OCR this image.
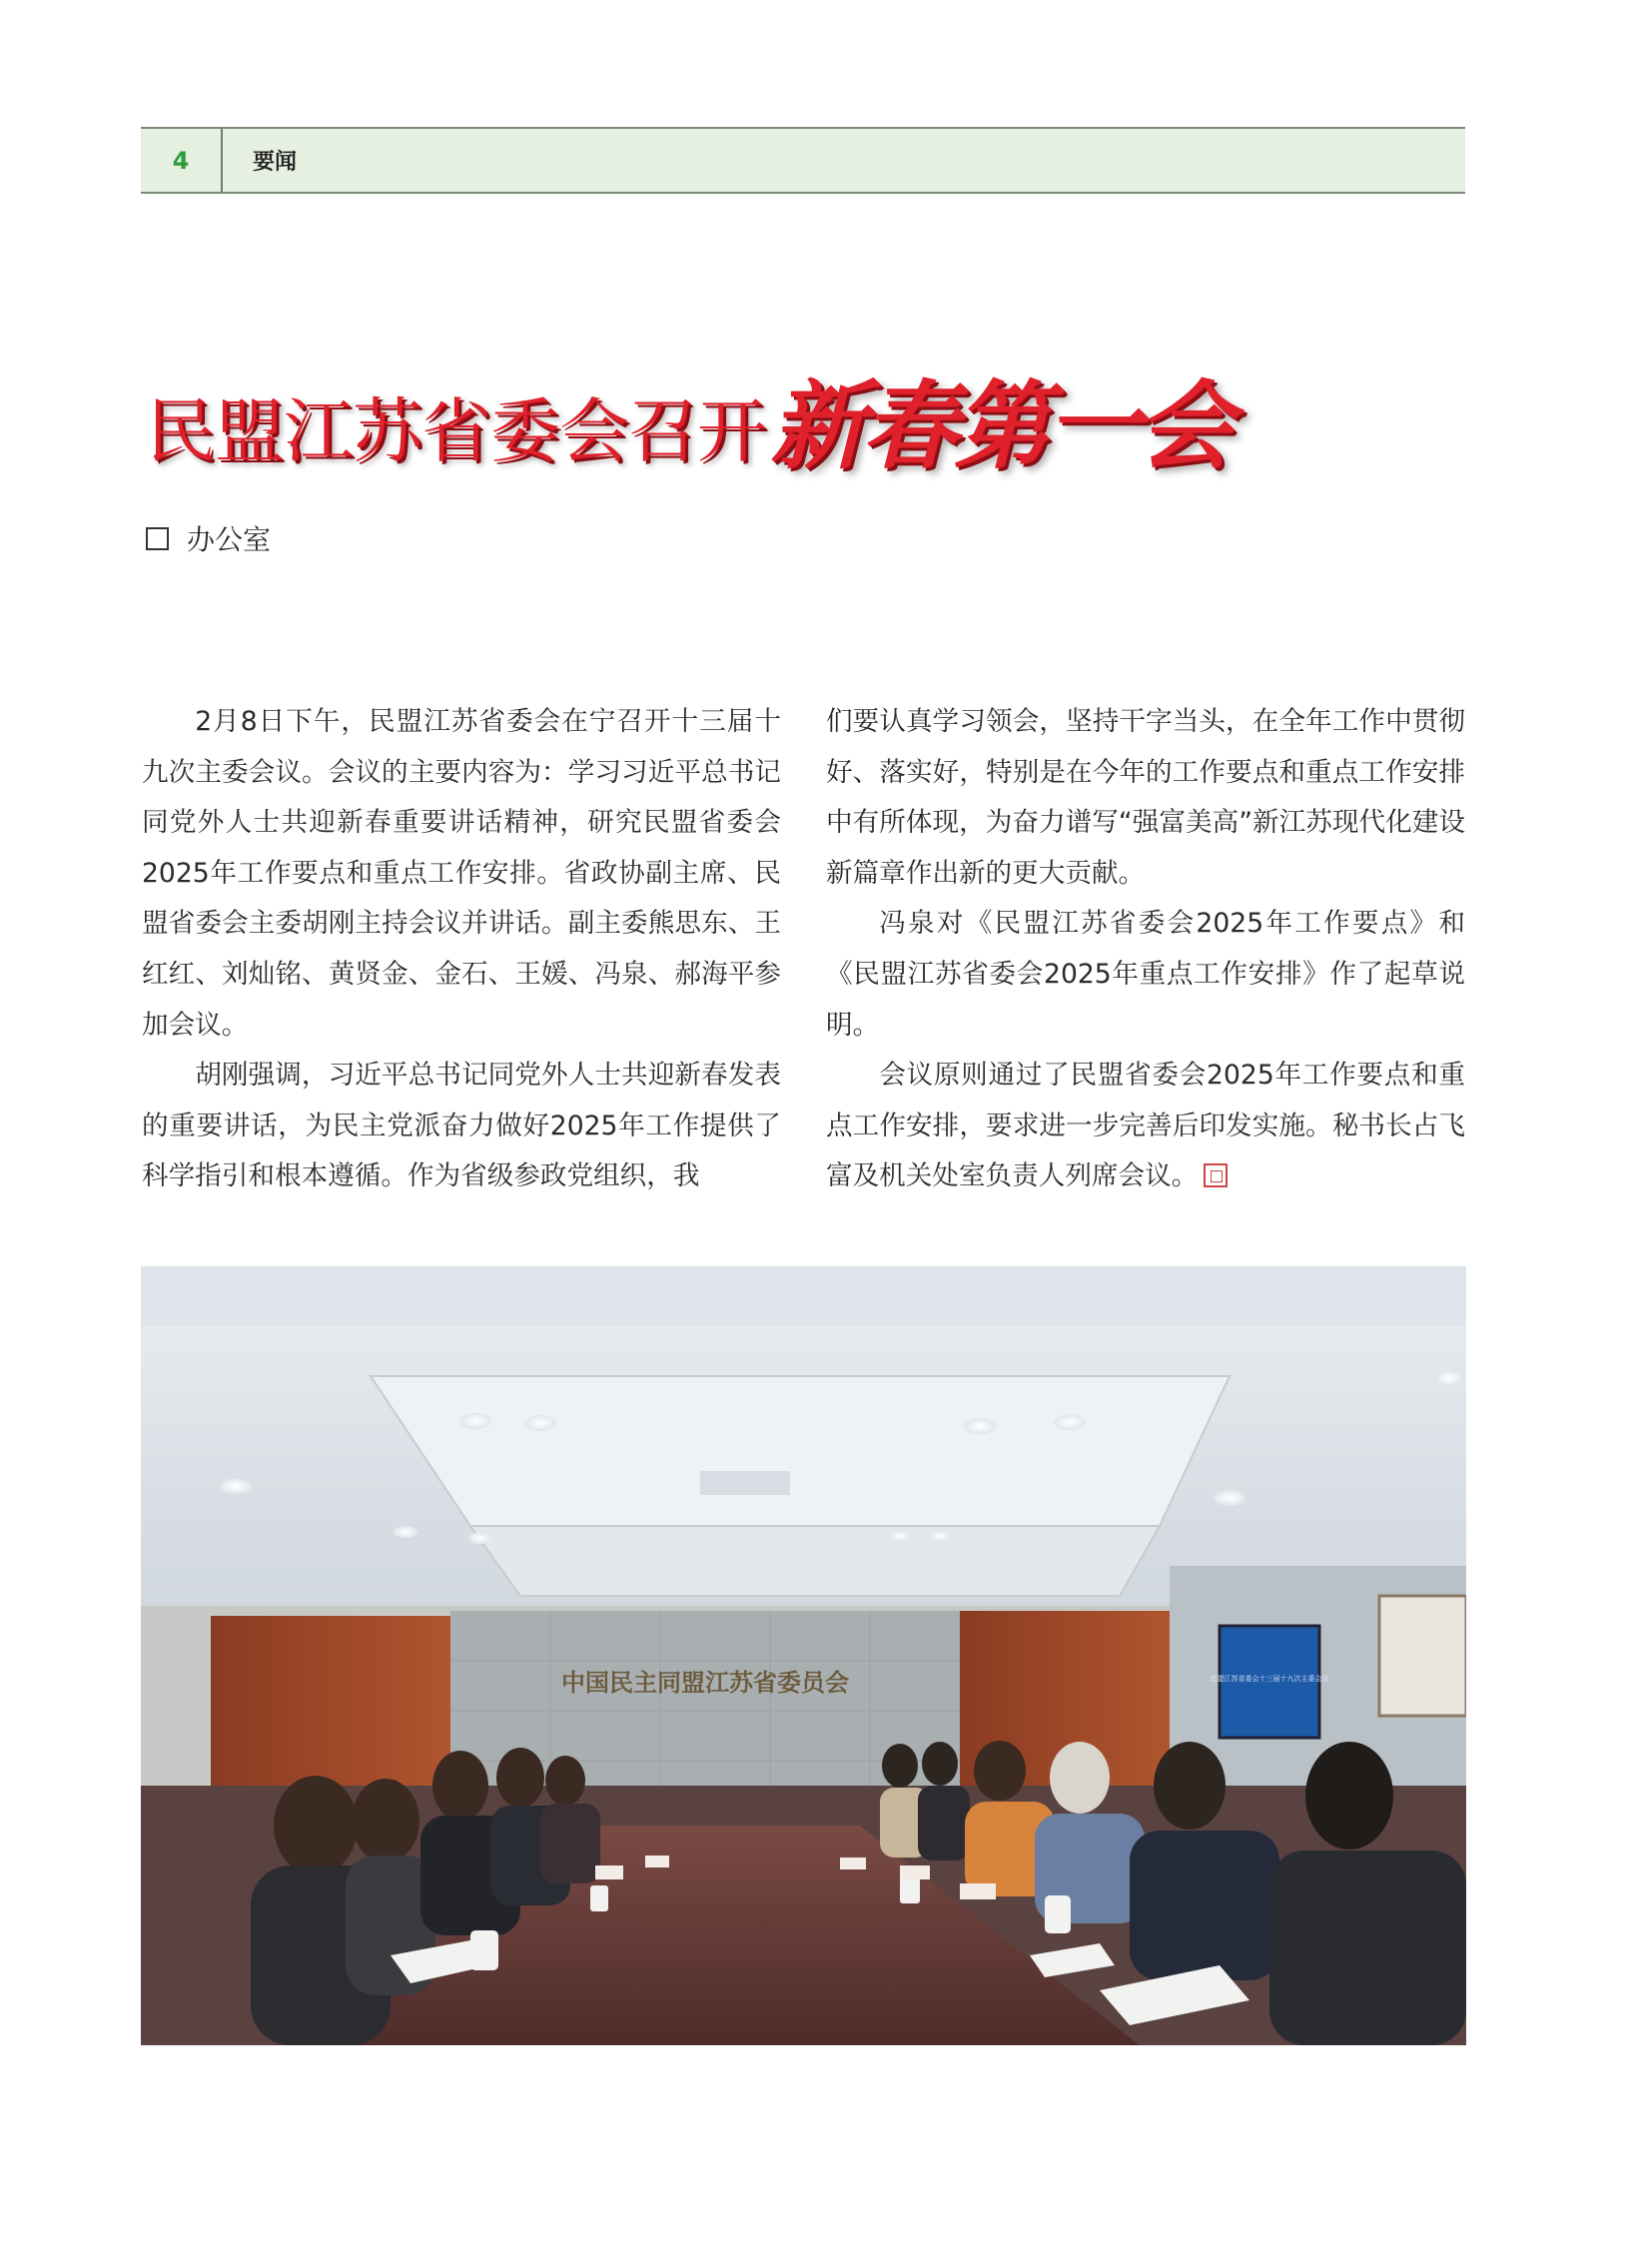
4	要闻
民盟江苏省委会召开 新春第一会
办公室

2月8日下午，民盟江苏省委会在宁召开十三届十九次主委会议。会议的主要内容为：学习习近平总书记同党外人士共迎新春重要讲话精神，研究民盟省委会2025年工作要点和重点工作安排。省政协副主席、民盟省委会主委胡刚主持会议并讲话。副主委熊思东、王红红、刘灿铭、黄贤金、金石、王媛、冯泉、郝海平参加会议。

胡刚强调，习近平总书记同党外人士共迎新春发表的重要讲话，为民主党派奋力做好2025年工作提供了科学指引和根本遵循。作为省级参政党组织，我

们要认真学习领会，坚持干字当头，在全年工作中贯彻好、落实好，特别是在今年的工作要点和重点工作安排中有所体现，为奋力谱写“强富美高”新江苏现代化建设新篇章作出新的更大贡献。

冯泉对《民盟江苏省委会2025年工作要点》和《民盟江苏省委会2025年重点工作安排》作了起草说明。

会议原则通过了民盟省委会2025年工作要点和重点工作安排，要求进一步完善后印发实施。秘书长占飞富及机关处室负责人列席会议。

中国民主同盟江苏省委员会	民盟江苏省委会十三届十九次主委会议
